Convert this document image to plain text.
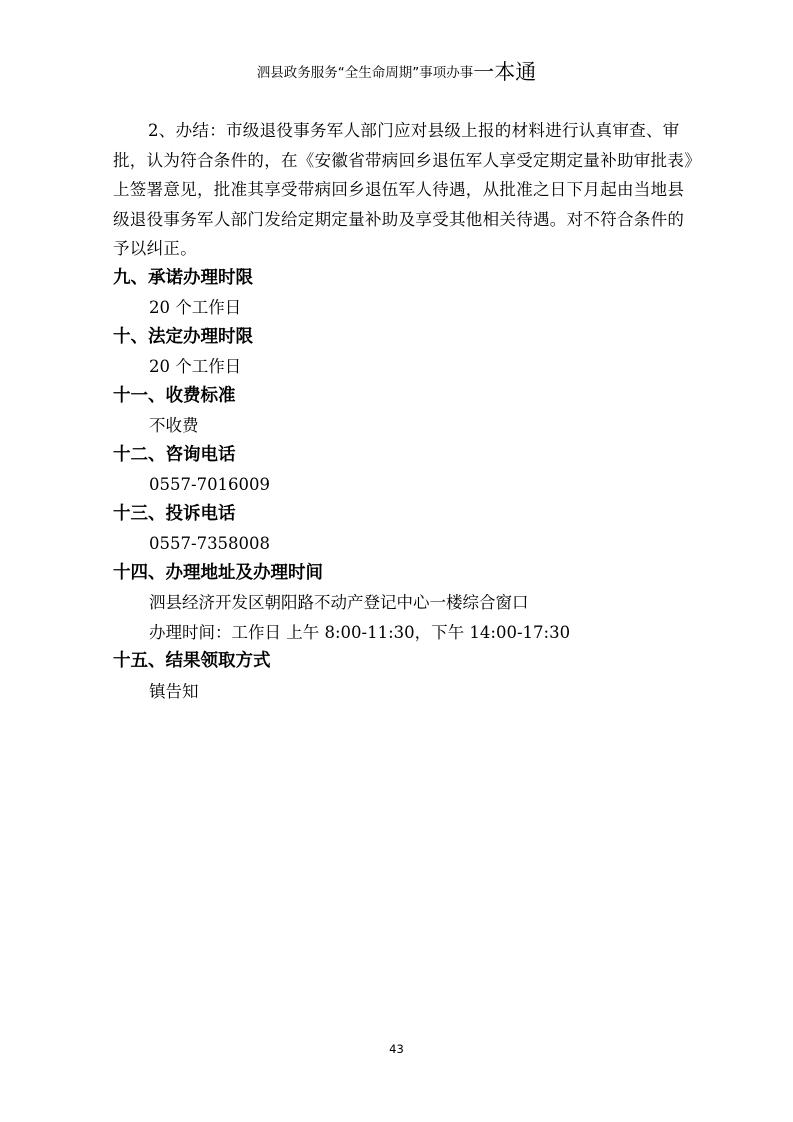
泗县政务服务“全生命周期”事项办事一本通

2、办结：市级退役事务军人部门应对县级上报的材料进行认真审查、审批，认为符合条件的，在《安徽省带病回乡退伍军人享受定期定量补助审批表》上签署意见，批准其享受带病回乡退伍军人待遇，从批准之日下月起由当地县级退役事务军人部门发给定期定量补助及享受其他相关待遇。对不符合条件的予以纠正。

九、承诺办理时限

20 个工作日

十、法定办理时限

20 个工作日

十一、收费标准

不收费

十二、咨询电话

0557-7016009

十三、投诉电话

0557-7358008

十四、办理地址及办理时间

泗县经济开发区朝阳路不动产登记中心一楼综合窗口

办理时间：工作日 上午 8:00-11:30，下午 14:00-17:30

十五、结果领取方式

镇告知

43
